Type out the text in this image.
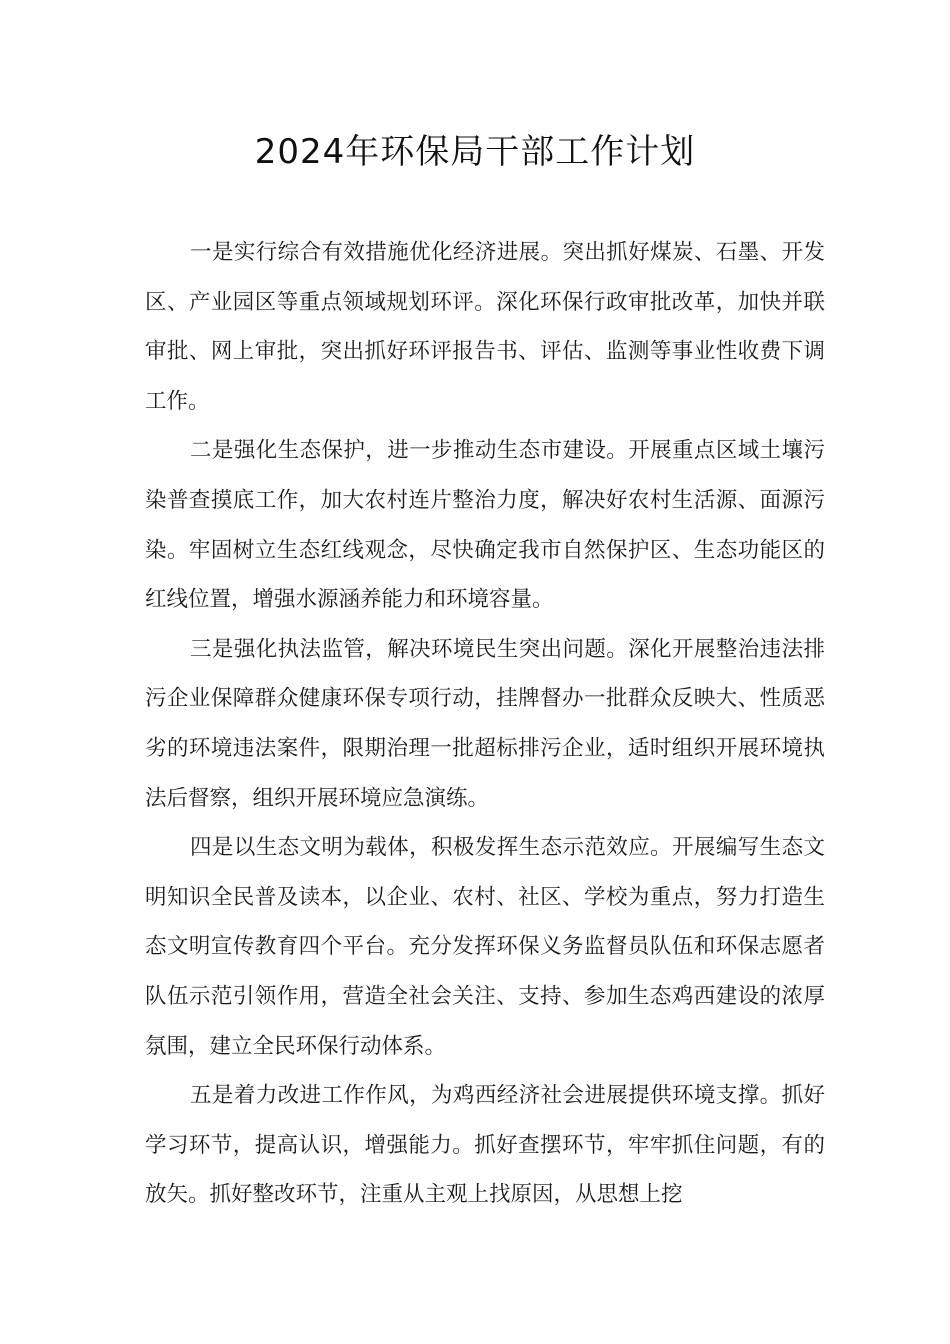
2024年环保局干部工作计划

一是实行综合有效措施优化经济进展。突出抓好煤炭、石墨、开发区、产业园区等重点领域规划环评。深化环保行政审批改革，加快并联审批、网上审批，突出抓好环评报告书、评估、监测等事业性收费下调工作。

二是强化生态保护，进一步推动生态市建设。开展重点区域土壤污染普查摸底工作，加大农村连片整治力度，解决好农村生活源、面源污染。牢固树立生态红线观念，尽快确定我市自然保护区、生态功能区的红线位置，增强水源涵养能力和环境容量。

三是强化执法监管，解决环境民生突出问题。深化开展整治违法排污企业保障群众健康环保专项行动，挂牌督办一批群众反映大、性质恶劣的环境违法案件，限期治理一批超标排污企业，适时组织开展环境执法后督察，组织开展环境应急演练。

四是以生态文明为载体，积极发挥生态示范效应。开展编写生态文明知识全民普及读本，以企业、农村、社区、学校为重点，努力打造生态文明宣传教育四个平台。充分发挥环保义务监督员队伍和环保志愿者队伍示范引领作用，营造全社会关注、支持、参加生态鸡西建设的浓厚氛围，建立全民环保行动体系。

五是着力改进工作作风，为鸡西经济社会进展提供环境支撑。抓好学习环节，提高认识，增强能力。抓好查摆环节，牢牢抓住问题，有的放矢。抓好整改环节，注重从主观上找原因，从思想上挖
